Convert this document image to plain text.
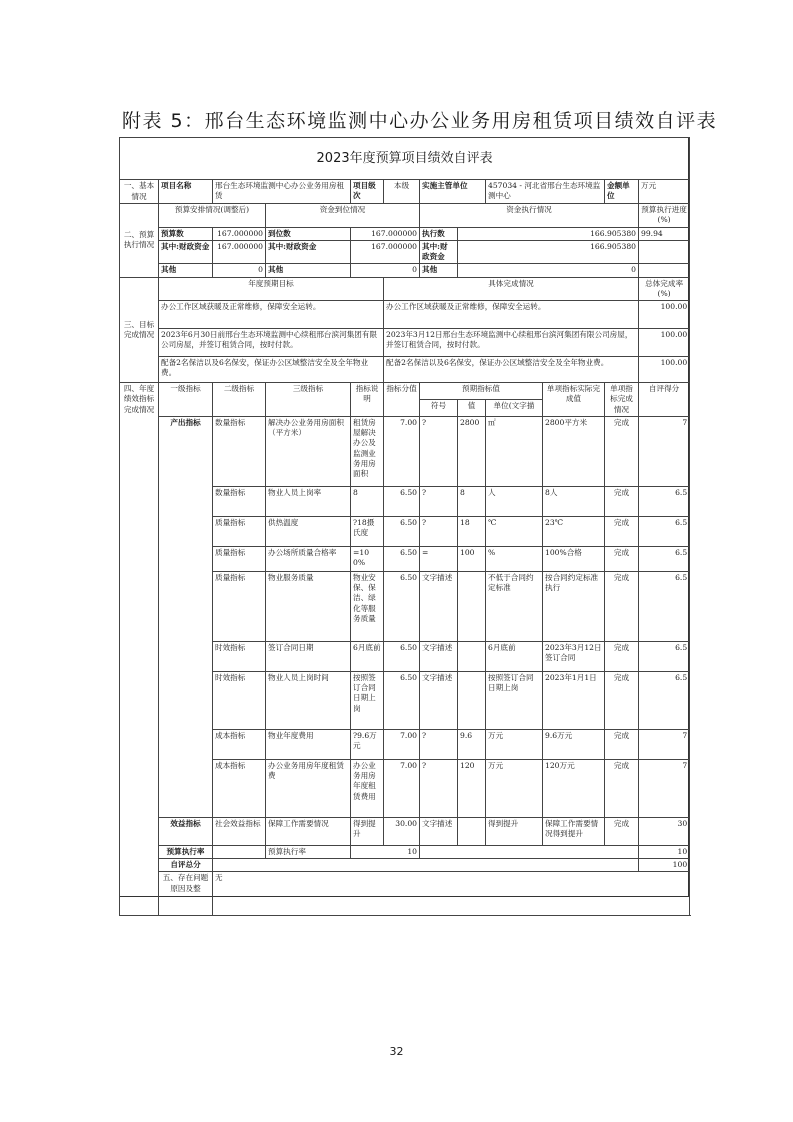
附表 5：邢台生态环境监测中心办公业务用房租赁项目绩效自评表
2023年度预算项目绩效自评表											
一、基本情况	项目名称	邢台生态环境监测中心办公业务用房租赁		项目级次	本级	实施主管单位		457034 - 河北省邢台生态环境监测中心		金额单位	万元
二、预算执行情况	预算安排情况(调整后)		资金到位情况			资金执行情况					预算执行进度(%)
	预算数	167.000000	到位数	167.000000		执行数	166.905380				99.94
	其中:财政资金	167.000000	其中:财政资金	167.000000		其中:财政资金	166.905380				
	其他	0	其他	0		其他	0				
三、目标完成情况	年度预期目标				具体完成情况						总体完成率(%)
	办公工作区域获暖及正常维修，保障安全运转。				办公工作区域获暖及正常维修，保障安全运转。						100.00
	2023年6月30日前邢台生态环境监测中心续租邢台滨河集团有限公司房屋，并签订租赁合同，按时付款。				2023年3月12日邢台生态环境监测中心续租邢台滨河集团有限公司房屋，并签订租赁合同，按时付款。						100.00
	配备2名保洁以及6名保安，保证办公区域整洁安全及全年物业费。				配备2名保洁以及6名保安，保证办公区域整洁安全及全年物业费。						100.00
四、年度绩效指标完成情况	一级指标	二级指标	三级指标	指标说明	指标分值	预期指标值			单项指标实际完成值	单项指标完成情况	自评得分
						符号	值	单位(文字描			
	产出指标	数量指标	解决办公业务用房面积（平方米）	租赁房屋解决办公及监测业务用房面积	7.00	?	2800	㎡	2800平方米	完成	7
		数量指标	物业人员上岗率	8	6.50	?	8	人	8人	完成	6.5
		质量指标	供热温度	?18摄氏度	6.50	?	18	℃	23℃	完成	6.5
		质量指标	办公场所质量合格率	=100%	6.50	=	100	%	100%合格	完成	6.5
		质量指标	物业服务质量	物业安保、保洁、绿化等服务质量	6.50	文字描述		不低于合同约定标准	按合同约定标准执行	完成	6.5
		时效指标	签订合同日期	6月底前	6.50	文字描述		6月底前	2023年3月12日签订合同	完成	6.5
		时效指标	物业人员上岗时间	按照签订合同日期上岗	6.50	文字描述		按照签订合同日期上岗	2023年1月1日	完成	6.5
		成本指标	物业年度费用	?9.6万元	7.00	?	9.6	万元	9.6万元	完成	7
		成本指标	办公业务用房年度租赁费	办公业务用房年度租赁费用	7.00	?	120	万元	120万元	完成	7
	效益指标	社会效益指标	保障工作需要情况	得到提升	30.00	文字描述		得到提升	保障工作需要情况得到提升	完成	30
	预算执行率		预算执行率	10							10
	自评总分										100
	五、存在问题原因及整	无									
32
